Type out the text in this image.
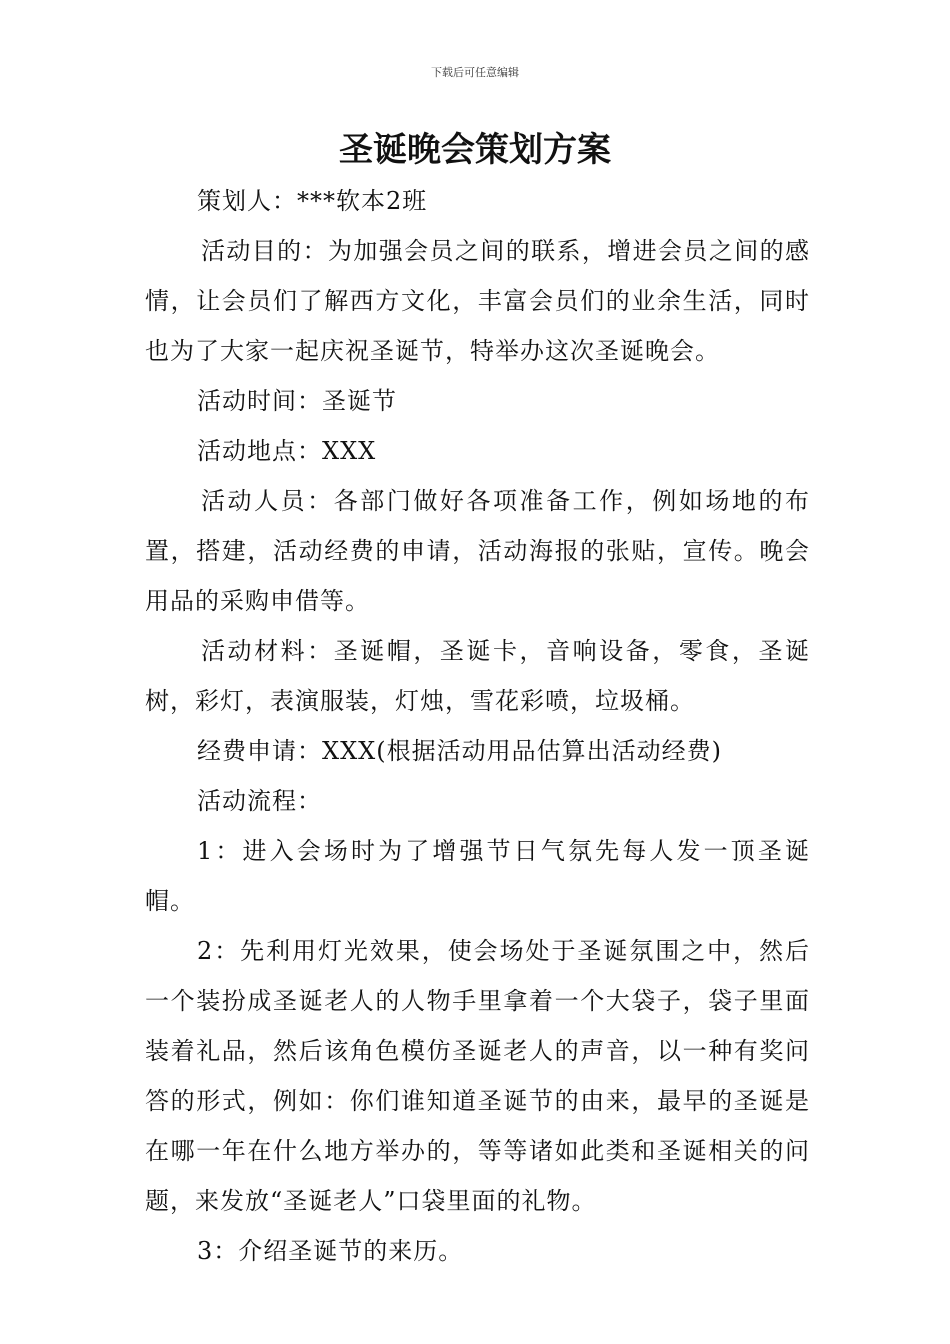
下载后可任意编辑
圣诞晚会策划方案

策划人：***软本2班

活动目的：为加强会员之间的联系，增进会员之间的感情，让会员们了解西方文化，丰富会员们的业余生活，同时也为了大家一起庆祝圣诞节，特举办这次圣诞晚会。

活动时间：圣诞节

活动地点：XXX

活动人员：各部门做好各项准备工作，例如场地的布置，搭建，活动经费的申请，活动海报的张贴，宣传。晚会用品的采购申借等。

活动材料：圣诞帽，圣诞卡，音响设备，零食，圣诞树，彩灯，表演服装，灯烛，雪花彩喷，垃圾桶。

经费申请：XXX(根据活动用品估算出活动经费)

活动流程：

1：进入会场时为了增强节日气氛先每人发一顶圣诞帽。

2：先利用灯光效果，使会场处于圣诞氛围之中，然后一个装扮成圣诞老人的人物手里拿着一个大袋子，袋子里面装着礼品，然后该角色模仿圣诞老人的声音，以一种有奖问答的形式，例如：你们谁知道圣诞节的由来，最早的圣诞是在哪一年在什么地方举办的，等等诸如此类和圣诞相关的问题，来发放“圣诞老人”口袋里面的礼物。

3：介绍圣诞节的来历。
